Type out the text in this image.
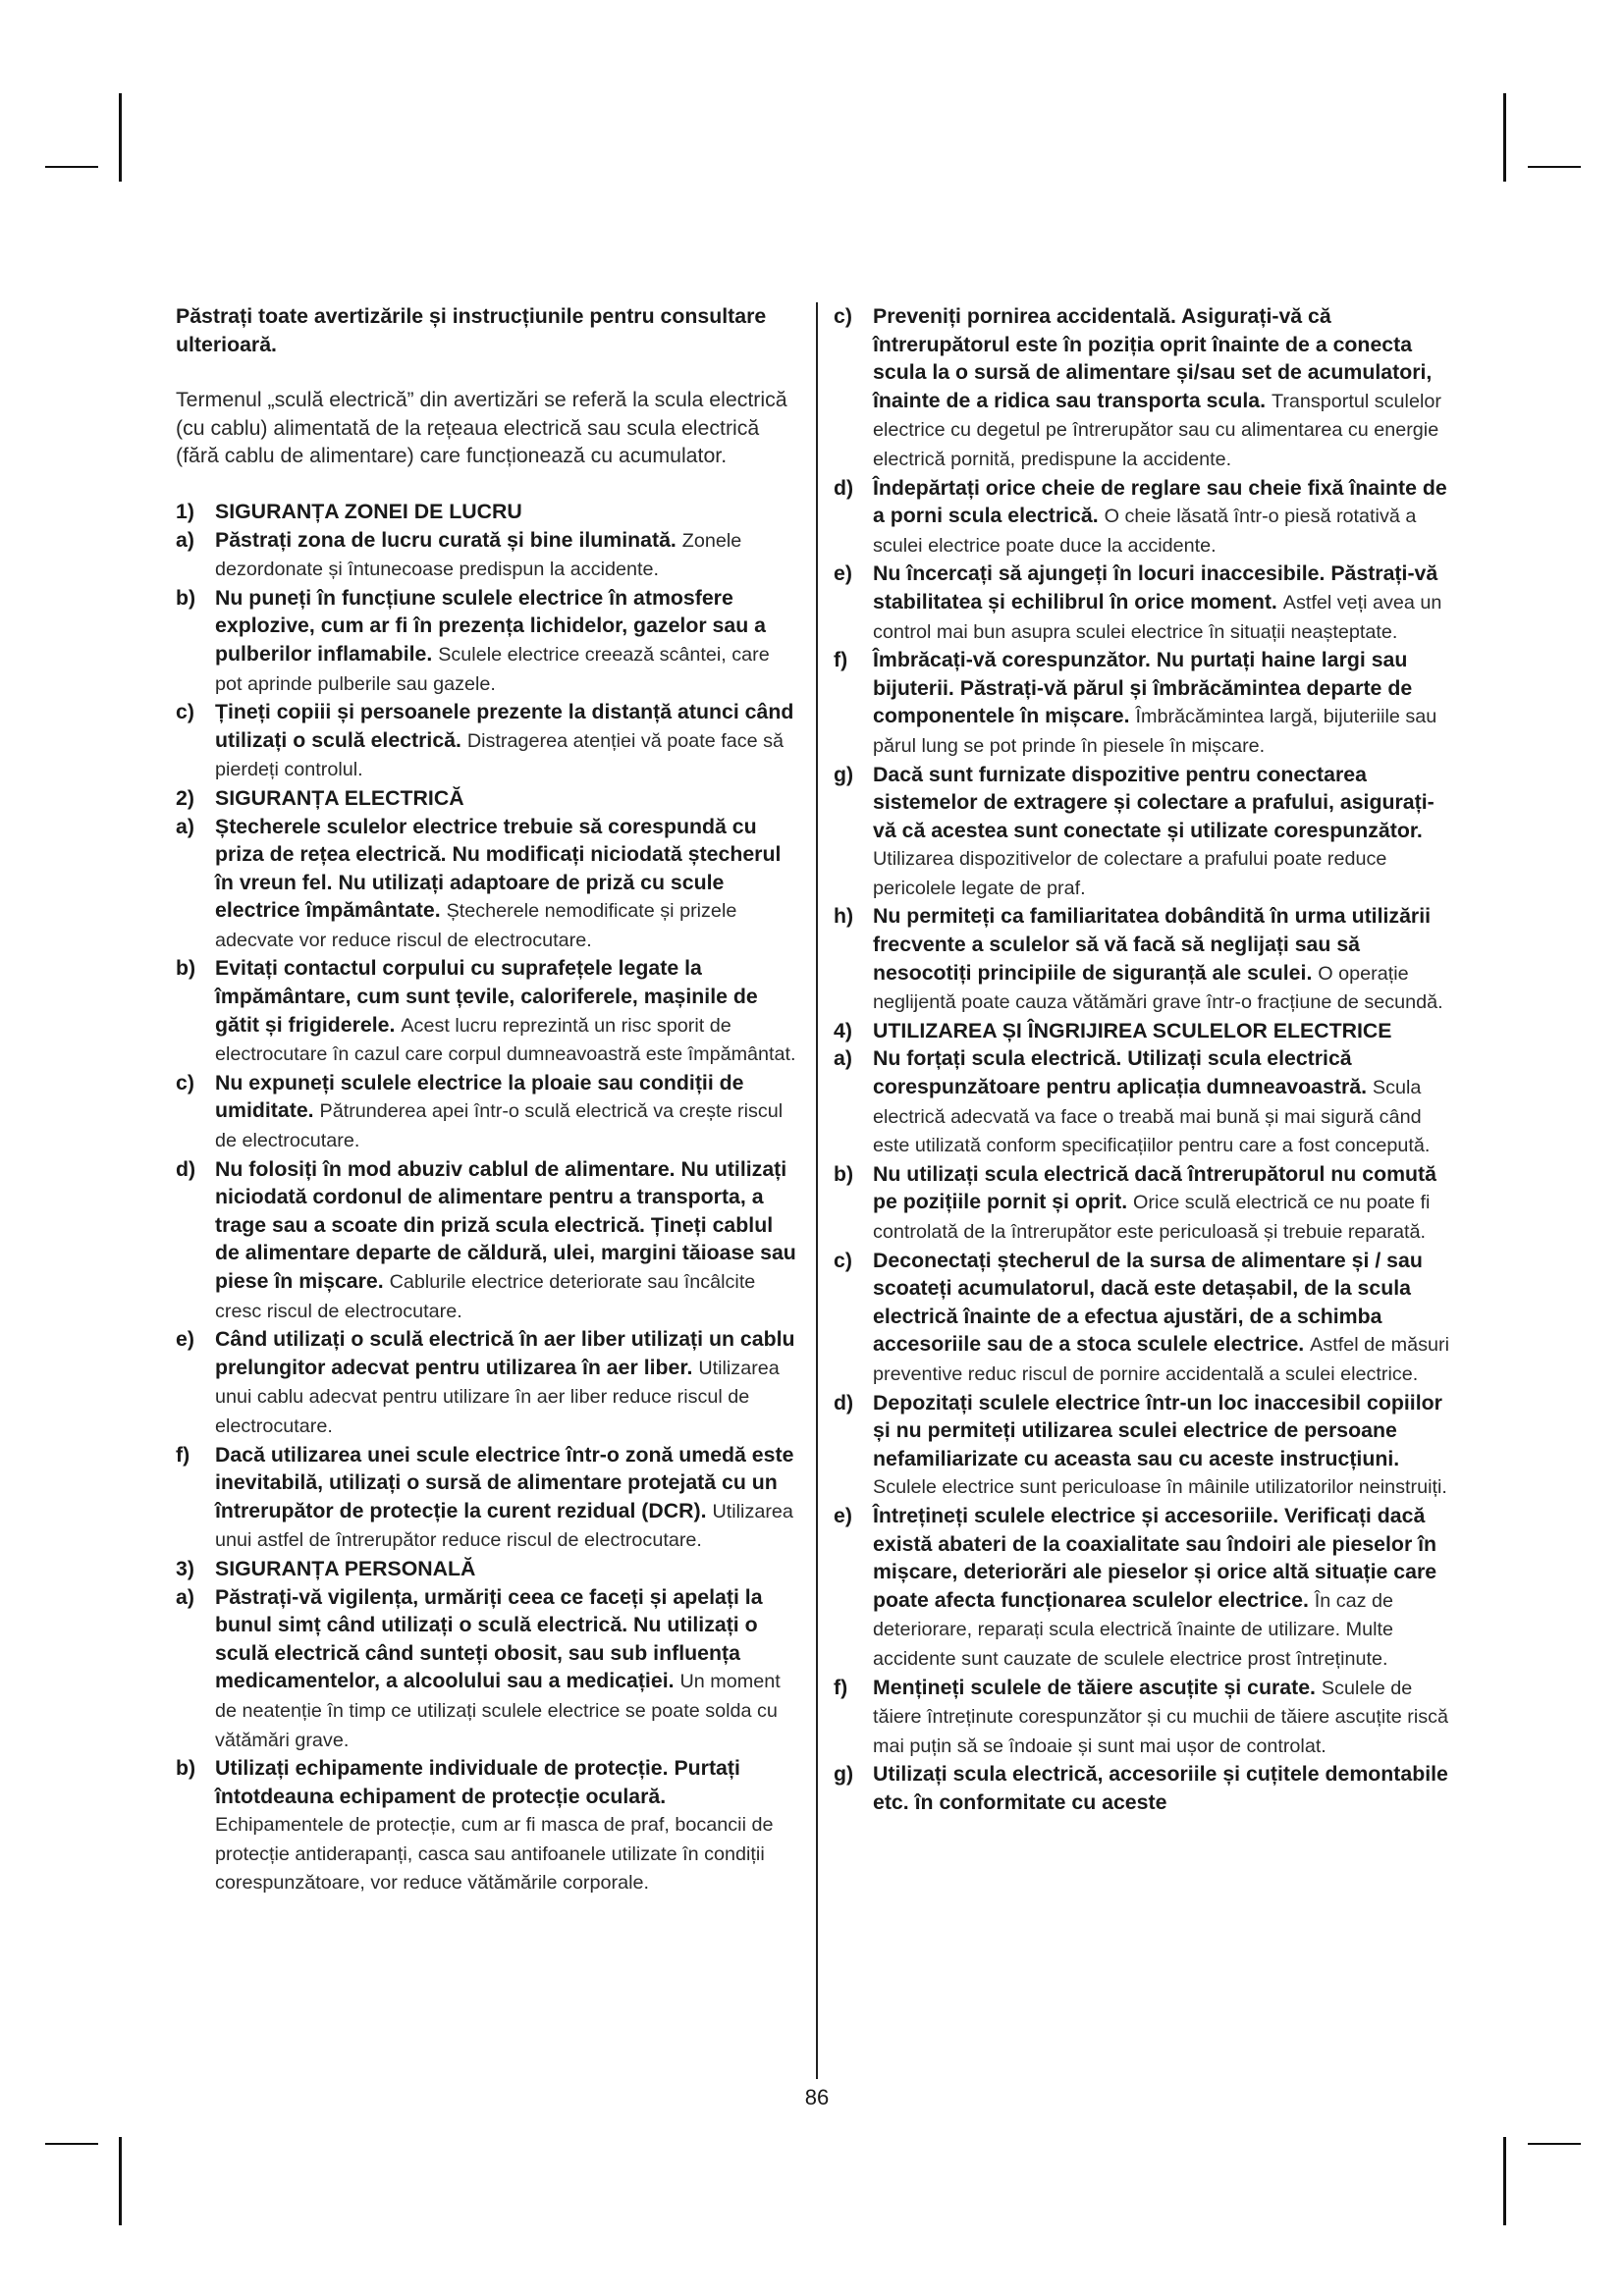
Păstrați toate avertizările și instrucțiunile pentru consultare ulterioară.

Termenul „sculă electrică” din avertizări se referă la scula electrică (cu cablu) alimentată de la rețeaua electrică sau scula electrică (fără cablu de alimentare) care funcționează cu acumulator.

1) SIGURANȚA ZONEI DE LUCRU
a) Păstrați zona de lucru curată și bine iluminată. Zonele dezordonate și întunecoase predispun la accidente.
b) Nu puneți în funcțiune sculele electrice în atmosfere explozive, cum ar fi în prezența lichidelor, gazelor sau a pulberilor inflamabile. Sculele electrice creează scântei, care pot aprinde pulberile sau gazele.
c) Țineți copiii și persoanele prezente la distanță atunci când utilizați o sculă electrică. Distragerea atenției vă poate face să pierdeți controlul.
2) SIGURANȚA ELECTRICĂ
a) Ștecherele sculelor electrice trebuie să corespundă cu priza de rețea electrică. Nu modificați niciodată ștecherul în vreun fel. Nu utilizați adaptoare de priză cu scule electrice împământate. Ștecherele nemodificate și prizele adecvate vor reduce riscul de electrocutare.
b) Evitați contactul corpului cu suprafețele legate la împământare, cum sunt țevile, caloriferele, mașinile de gătit și frigiderele. Acest lucru reprezintă un risc sporit de electrocutare în cazul care corpul dumneavoastră este împământat.
c) Nu expuneți sculele electrice la ploaie sau condiții de umiditate. Pătrunderea apei într-o sculă electrică va crește riscul de electrocutare.
d) Nu folosiți în mod abuziv cablul de alimentare. Nu utilizați niciodată cordonul de alimentare pentru a transporta, a trage sau a scoate din priză scula electrică. Țineți cablul de alimentare departe de căldură, ulei, margini tăioase sau piese în mișcare. Cablurile electrice deteriorate sau încâlcite cresc riscul de electrocutare.
e) Când utilizați o sculă electrică în aer liber utilizați un cablu prelungitor adecvat pentru utilizarea în aer liber. Utilizarea unui cablu adecvat pentru utilizare în aer liber reduce riscul de electrocutare.
f) Dacă utilizarea unei scule electrice într-o zonă umedă este inevitabilă, utilizați o sursă de alimentare protejată cu un întrerupător de protecție la curent rezidual (DCR). Utilizarea unui astfel de întrerupător reduce riscul de electrocutare.
3) SIGURANȚA PERSONALĂ
a) Păstrați-vă vigilența, urmăriți ceea ce faceți și apelați la bunul simț când utilizați o sculă electrică. Nu utilizați o sculă electrică când sunteți obosit, sau sub influența medicamentelor, a alcoolului sau a medicației. Un moment de neatenție în timp ce utilizați sculele electrice se poate solda cu vătămări grave.
b) Utilizați echipamente individuale de protecție. Purtați întotdeauna echipament de protecție oculară. Echipamentele de protecție, cum ar fi masca de praf, bocancii de protecție antiderapanți, casca sau antifoanele utilizate în condiții corespunzătoare, vor reduce vătămările corporale.
c) Preveniți pornirea accidentală. Asigurați-vă că întrerupătorul este în poziția oprit înainte de a conecta scula la o sursă de alimentare și/sau set de acumulatori, înainte de a ridica sau transporta scula. Transportul sculelor electrice cu degetul pe întrerupător sau cu alimentarea cu energie electrică pornită, predispune la accidente.
d) Îndepărtați orice cheie de reglare sau cheie fixă înainte de a porni scula electrică. O cheie lăsată într-o piesă rotativă a sculei electrice poate duce la accidente.
e) Nu încercați să ajungeți în locuri inaccesibile. Păstrați-vă stabilitatea și echilibrul în orice moment. Astfel veți avea un control mai bun asupra sculei electrice în situații neașteptate.
f) Îmbrăcați-vă corespunzător. Nu purtați haine largi sau bijuterii. Păstrați-vă părul și îmbrăcămintea departe de componentele în mișcare. Îmbrăcămintea largă, bijuteriile sau părul lung se pot prinde în piesele în mișcare.
g) Dacă sunt furnizate dispozitive pentru conectarea sistemelor de extragere și colectare a prafului, asigurați-vă că acestea sunt conectate și utilizate corespunzător. Utilizarea dispozitivelor de colectare a prafului poate reduce pericolele legate de praf.
h) Nu permiteți ca familiaritatea dobândită în urma utilizării frecvente a sculelor să vă facă să neglijați sau să nesocotiți principiile de siguranță ale sculei. O operație neglijentă poate cauza vătămări grave într-o fracțiune de secundă.
4) UTILIZAREA ȘI ÎNGRIJIREA SCULELOR ELECTRICE
a) Nu forțați scula electrică. Utilizați scula electrică corespunzătoare pentru aplicația dumneavoastră. Scula electrică adecvată va face o treabă mai bună și mai sigură când este utilizată conform specificațiilor pentru care a fost concepută.
b) Nu utilizați scula electrică dacă întrerupătorul nu comută pe pozițiile pornit și oprit. Orice sculă electrică ce nu poate fi controlată de la întrerupător este periculoasă și trebuie reparată.
c) Deconectați ștecherul de la sursa de alimentare și / sau scoateți acumulatorul, dacă este detașabil, de la scula electrică înainte de a efectua ajustări, de a schimba accesoriile sau de a stoca sculele electrice. Astfel de măsuri preventive reduc riscul de pornire accidentală a sculei electrice.
d) Depozitați sculele electrice într-un loc inaccesibil copiilor și nu permiteți utilizarea sculei electrice de persoane nefamiliarizate cu aceasta sau cu aceste instrucțiuni. Sculele electrice sunt periculoase în mâinile utilizatorilor neinstruiți.
e) Întrețineți sculele electrice și accesoriile. Verificați dacă există abateri de la coaxialitate sau îndoiri ale pieselor în mișcare, deteriorări ale pieselor și orice altă situație care poate afecta funcționarea sculelor electrice. În caz de deteriorare, reparați scula electrică înainte de utilizare. Multe accidente sunt cauzate de sculele electrice prost întreținute.
f) Mențineți sculele de tăiere ascuțite și curate. Sculele de tăiere întreținute corespunzător și cu muchii de tăiere ascuțite riscă mai puțin să se îndoaie și sunt mai ușor de controlat.
g) Utilizați scula electrică, accesoriile și cuțitele demontabile etc. în conformitate cu aceste
86
